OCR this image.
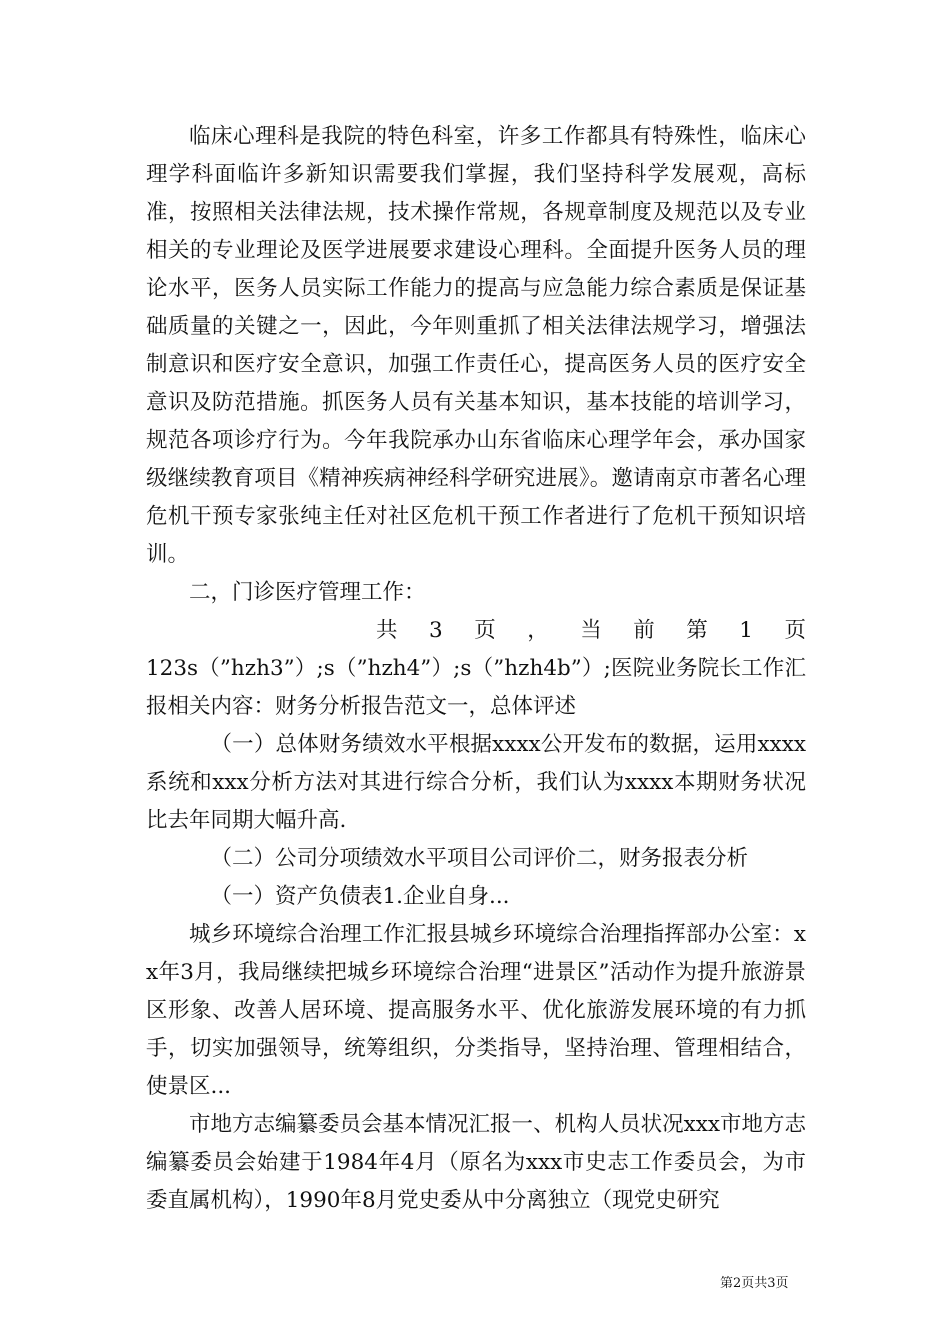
临床心理科是我院的特色科室，许多工作都具有特殊性，临床心理学科面临许多新知识需要我们掌握，我们坚持科学发展观，高标准，按照相关法律法规，技术操作常规，各规章制度及规范以及专业相关的专业理论及医学进展要求建设心理科。全面提升医务人员的理论水平，医务人员实际工作能力的提高与应急能力综合素质是保证基础质量的关键之一，因此，今年则重抓了相关法律法规学习，增强法制意识和医疗安全意识，加强工作责任心，提高医务人员的医疗安全意识及防范措施。抓医务人员有关基本知识，基本技能的培训学习，规范各项诊疗行为。今年我院承办山东省临床心理学年会，承办国家级继续教育项目《精神疾病神经科学研究进展》。邀请南京市著名心理危机干预专家张纯主任对社区危机干预工作者进行了危机干预知识培训。

二，门诊医疗管理工作：

共 3 页 ， 当 前 第 1 页

123s（”hzh3”）;s（”hzh4”）;s（”hzh4b”）;医院业务院长工作汇报相关内容：财务分析报告范文一，总体评述

（一）总体财务绩效水平根据xxxx公开发布的数据，运用xxxx系统和xxx分析方法对其进行综合分析，我们认为xxxx本期财务状况比去年同期大幅升高.

（二）公司分项绩效水平项目公司评价二，财务报表分析

（一）资产负债表1.企业自身...

城乡环境综合治理工作汇报县城乡环境综合治理指挥部办公室：xx年3月，我局继续把城乡环境综合治理“进景区”活动作为提升旅游景区形象、改善人居环境、提高服务水平、优化旅游发展环境的有力抓手，切实加强领导，统筹组织，分类指导，坚持治理、管理相结合，使景区...

市地方志编纂委员会基本情况汇报一、机构人员状况xxx市地方志编纂委员会始建于1984年4月（原名为xxx市史志工作委员会，为市委直属机构），1990年8月党史委从中分离独立（现党史研究

第2页共3页
